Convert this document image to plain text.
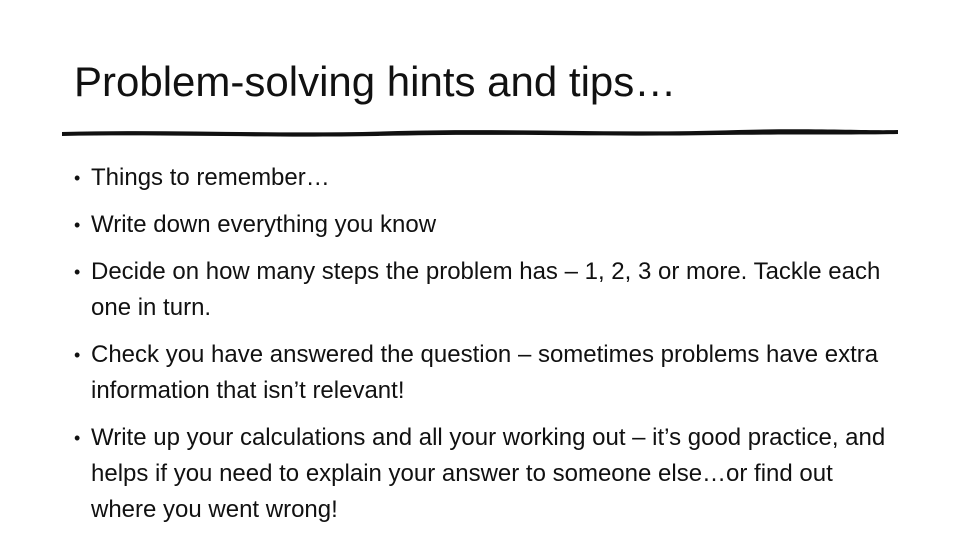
Problem-solving hints and tips…
• Things to remember…
• Write down everything you know
• Decide on how many steps the problem has – 1, 2, 3 or more. Tackle each one in turn.
• Check you have answered the question – sometimes problems have extra information that isn’t relevant!
• Write up your calculations and all your working out – it’s good practice, and helps if you need to explain your answer to someone else…or find out where you went wrong!
